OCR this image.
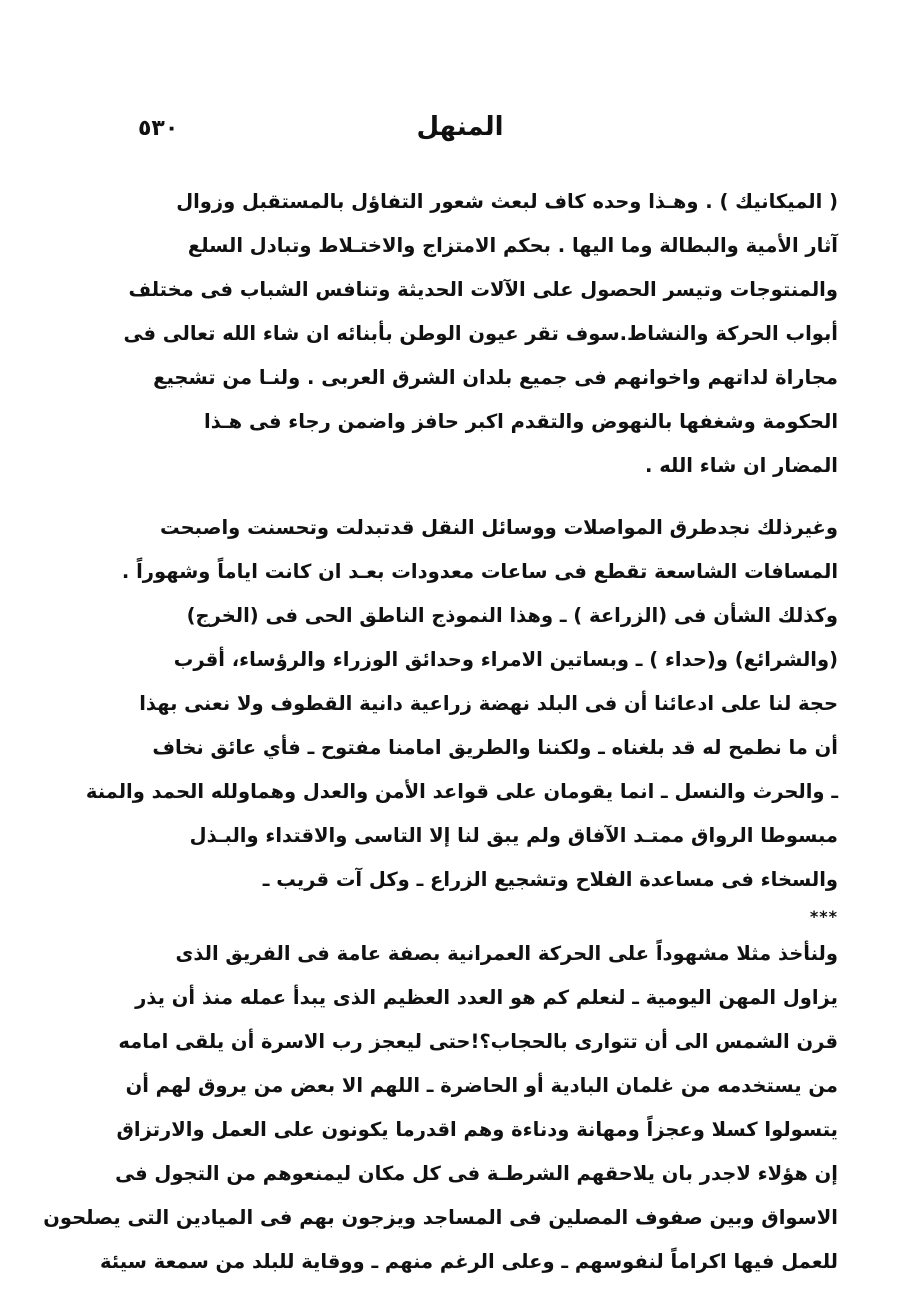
٥٣٠	المنهل
( الميكانيك ) . وهـذا وحده كاف لبعث شعور التفاؤل بالمستقبل وزوال
آثار الأمية والبطالة وما اليها . بحكم الامتزاج والاختـلاط وتبادل السلع
والمنتوجات وتيسر الحصول على الآلات الحديثة وتنافس الشباب فى مختلف
أبواب الحركة والنشاط.سوف تقر عيون الوطن بأبنائه ان شاء الله تعالى فى
مجاراة لداتهم واخوانهم فى جميع بلدان الشرق العربى . ولنـا من تشجيع
الحكومة وشغفها بالنهوض والتقدم اكبر حافز واضمن رجاء فى هـذا
المضار ان شاء الله .
وغيرذلك نجدطرق المواصلات ووسائل النقل قدتبدلت وتحسنت واصبحت
المسافات الشاسعة تقطع فى ساعات معدودات بعـد ان كانت اياماً وشهوراً .
وكذلك الشأن فى (الزراعة ) ـ وهذا النموذج الناطق الحى فى (الخرج)
(والشرائع) و(حداء ) ـ وبساتين الامراء وحدائق الوزراء والرؤساء، أقرب
حجة لنا على ادعائنا أن فى البلد نهضة زراعية دانية القطوف ولا نعنى بهذا
أن ما نطمح له قد بلغناه ـ ولكننا والطريق امامنا مفتوح ـ فأي عائق نخاف
ـ والحرث والنسل ـ انما يقومان على قواعد الأمن والعدل وهماولله الحمد والمنة
مبسوطا الرواق ممتـد الآفاق ولم يبق لنا إلا التاسى والاقتداء والبـذل
والسخاء فى مساعدة الفلاح وتشجيع الزراع ـ وكل آت قريب ـ
***
ولنأخذ مثلا مشهوداً على الحركة العمرانية بصفة عامة فى الفريق الذى
يزاول المهن اليومية ـ لنعلم كم هو العدد العظيم الذى يبدأ عمله منذ أن يذر
قرن الشمس الى أن تتوارى بالحجاب؟!حتى ليعجز رب الاسرة أن يلقى امامه
من يستخدمه من غلمان البادية أو الحاضرة ـ اللهم الا بعض من يروق لهم أن
يتسولوا كسلا وعجزاً ومهانة ودناءة وهم اقدرما يكونون على العمل والارتزاق
إن هؤلاء لاجدر بان يلاحقهم الشرطـة فى كل مكان ليمنعوهم من التجول فى
الاسواق وبين صفوف المصلين فى المساجد ويزجون بهم فى الميادين التى يصلحون
للعمل فيها اكراماً لنفوسهم ـ وعلى الرغم منهم ـ ووقاية للبلد من سمعة سيئة
